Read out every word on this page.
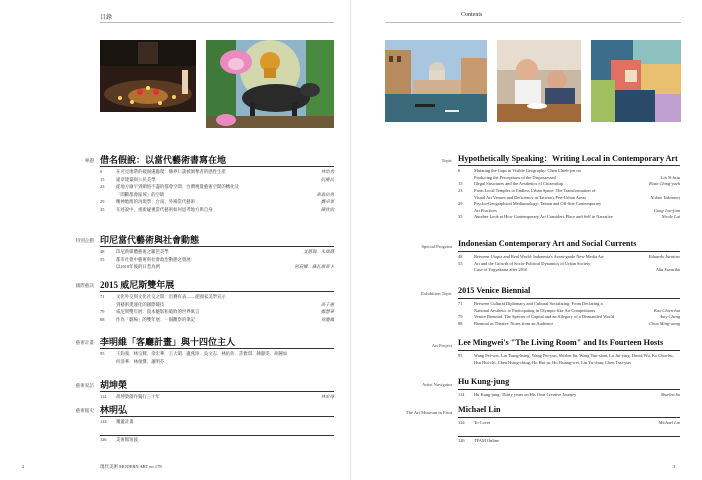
目錄
專題 借名假說：以當代藝術書寫在地
6	在可見地帶的破洞處蟲爬：陳界仁談被剝奪者的感性生產	林怡秀
15	違章建築與公民美學	阮慶岳
23	從地方廟宇到網絡不盡的都會空間：台灣視覺藝術空間的轉化及
「間斷都會區域」的空缺	高森信男
29	精神地理的再現學：台南、外場當代藝術	龔卓軍
35	在述說中，重新疑視當代藝術如何思考地方與自身	陳欣欣
特別企劃 印尼當代藝術與社會動態
48	印尼新媒體藝術之籬笆美學	艾德瑞．朱瑞德
55	都市社會中藝術與社會政治動態之發展：
以2010年後的日惹為例	阿莉娜．蘇瓦斯蒂卡
國際藝訊 2015 威尼斯雙年展
71	文化外交與文化社交之間：出賽有表——從國家美學宣示
到藝術奧運化的國際競技	高千惠
79	威尼斯雙年展：資本魅影和破敗的世界寓言	鄭慧華
88	作為「劇場」的雙年展：一個觀察的筆記	周瓊鳳
藝術計畫 李明維「客廳計畫」與十四位主人
95	王鈞義．林宗興．余宏華．王大閎．盧燕珍．吳文志．林佑佐．許雅琪．陳靜雯．胡鐘如
何清華．林俊傑．蕭明芬
藝術家訪 胡坤榮
114 胡坤榮創作獨行三十年	林宏璋
藝術館史 林明弘
124 覆蓋計畫
126 美術館短波
2	現代美術 MODERN ART no.178
Contents
Topic Hypothetically Speaking：Writing Local in Contemporary Art
6	Mutating the Gaps in Visible Geography: Chen Chieh-jen on
Producing the Perceptions of the Dispossessed	Lin Yi-hsiu
15	Illegal Structures and the Aesthetics of Citizenship	Roan Ching-yueh
23	From Local Temples to Endless Urban Space: The Transformation of
Visual Art Venues and Deficiency in Taiwan's Peri-Urban Areas	Nobuo Takamori
29	Psycho-Geographical Mediumology: Tainan and Off-Site Contemporary
Art Practices	Gong Jow-jiun
35	Another Look at How Contemporary Art Considers Place and Self in Narrative	Nicole Lai
Special Program Indonesian Contemporary Art and Social Currents
48	Between Utopia and Real World: Indonesia's Avant-garde New Media Art	Eduardo Jurnitno
55	Art and the Growth of Socio-Political Dynamics of Urban Society:
Case of Yogyakarta after 2010	Alia Swastika
Exhibition Topic 2015 Venice Biennial
71	Between Cultural Diplomacy and Cultural Socializing: From Declaring a
National Aesthetic to Participating in Olympic-like Art Competitions	Kao Chien-hui
79	Venice Biennial: The Specter of Capital and an Allegory of a Dismantled World	Amy Cheng
88	Biennial as Theater: Notes from an Audience	Chou Ming-wang
Art Project Lee Mingwei's "The Living Room" and Its Fourteen Hosts
95	Wang Pei-wei, Lin Tsung-hsing, Wang Pei-yun, Shirlen Su, Wang Yun-shan, Lu Jui-ying, David Wu, Ko Chia-hu,
Hsu Hui-chi, Chen Hsing-ching, Ho Hui-ju, Ho Hsiang-wei, Lin Yu-chun, Chen Tsai-yun
Artist Navigator Hu Kung-jung
114 Hu Kung-jung: Thirty years on His Own Creative Journey	Sharlen Su
The Art Museum in Print Michael Lin
124 To Cover	Michael Lin
126 TFAM Online
3
